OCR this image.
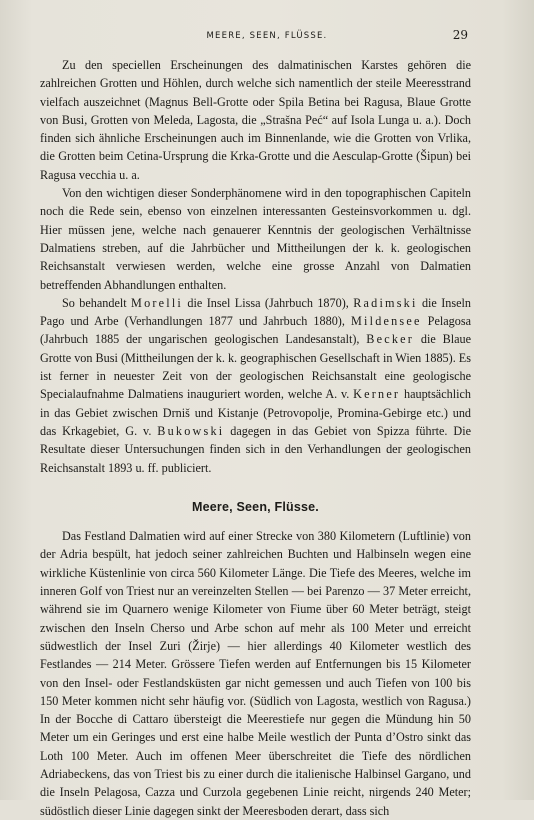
MEERE, SEEN, FLÜSSE.	29

Zu den speciellen Erscheinungen des dalmatinischen Karstes gehören die zahlreichen Grotten und Höhlen, durch welche sich namentlich der steile Meeresstrand vielfach auszeichnet (Magnus Bell-Grotte oder Spila Betina bei Ragusa, Blaue Grotte von Busi, Grotten von Meleda, Lagosta, die „Strašna Peć“ auf Isola Lunga u. a.). Doch finden sich ähnliche Erscheinungen auch im Binnenlande, wie die Grotten von Vrlika, die Grotten beim Cetina-Ursprung die Krka-Grotte und die Aesculap-Grotte (Šipun) bei Ragusa vecchia u. a.

Von den wichtigen dieser Sonderphänomene wird in den topographischen Capiteln noch die Rede sein, ebenso von einzelnen interessanten Gesteinsvorkommen u. dgl. Hier müssen jene, welche nach genauerer Kenntnis der geologischen Verhältnisse Dalmatiens streben, auf die Jahrbücher und Mittheilungen der k. k. geologischen Reichsanstalt verwiesen werden, welche eine grosse Anzahl von Dalmatien betreffenden Abhandlungen enthalten.

So behandelt Morelli die Insel Lissa (Jahrbuch 1870), Radimski die Inseln Pago und Arbe (Verhandlungen 1877 und Jahrbuch 1880), Mildensee Pelagosa (Jahrbuch 1885 der ungarischen geologischen Landesanstalt), Becker die Blaue Grotte von Busi (Mittheilungen der k. k. geographischen Gesellschaft in Wien 1885). Es ist ferner in neuester Zeit von der geologischen Reichsanstalt eine geologische Specialaufnahme Dalmatiens inauguriert worden, welche A. v. Kerner hauptsächlich in das Gebiet zwischen Drniš und Kistanje (Petrovopolje, Promina-Gebirge etc.) und das Krkagebiet, G. v. Bukowski dagegen in das Gebiet von Spizza führte. Die Resultate dieser Untersuchungen finden sich in den Verhandlungen der geologischen Reichsanstalt 1893 u. ff. publiciert.

Meere, Seen, Flüsse.

Das Festland Dalmatien wird auf einer Strecke von 380 Kilometern (Luftlinie) von der Adria bespült, hat jedoch seiner zahlreichen Buchten und Halbinseln wegen eine wirkliche Küstenlinie von circa 560 Kilometer Länge. Die Tiefe des Meeres, welche im inneren Golf von Triest nur an vereinzelten Stellen — bei Parenzo — 37 Meter erreicht, während sie im Quarnero wenige Kilometer von Fiume über 60 Meter beträgt, steigt zwischen den Inseln Cherso und Arbe schon auf mehr als 100 Meter und erreicht südwestlich der Insel Zuri (Žirje) — hier allerdings 40 Kilometer westlich des Festlandes — 214 Meter. Grössere Tiefen werden auf Entfernungen bis 15 Kilometer von den Insel- oder Festlandsküsten gar nicht gemessen und auch Tiefen von 100 bis 150 Meter kommen nicht sehr häufig vor. (Südlich von Lagosta, westlich von Ragusa.) In der Bocche di Cattaro übersteigt die Meerestiefe nur gegen die Mündung hin 50 Meter um ein Geringes und erst eine halbe Meile westlich der Punta d’Ostro sinkt das Loth 100 Meter. Auch im offenen Meer überschreitet die Tiefe des nördlichen Adriabeckens, das von Triest bis zu einer durch die italienische Halbinsel Gargano, und die Inseln Pelagosa, Cazza und Curzola gegebenen Linie reicht, nirgends 240 Meter; südöstlich dieser Linie dagegen sinkt der Meeresboden derart, dass sich
